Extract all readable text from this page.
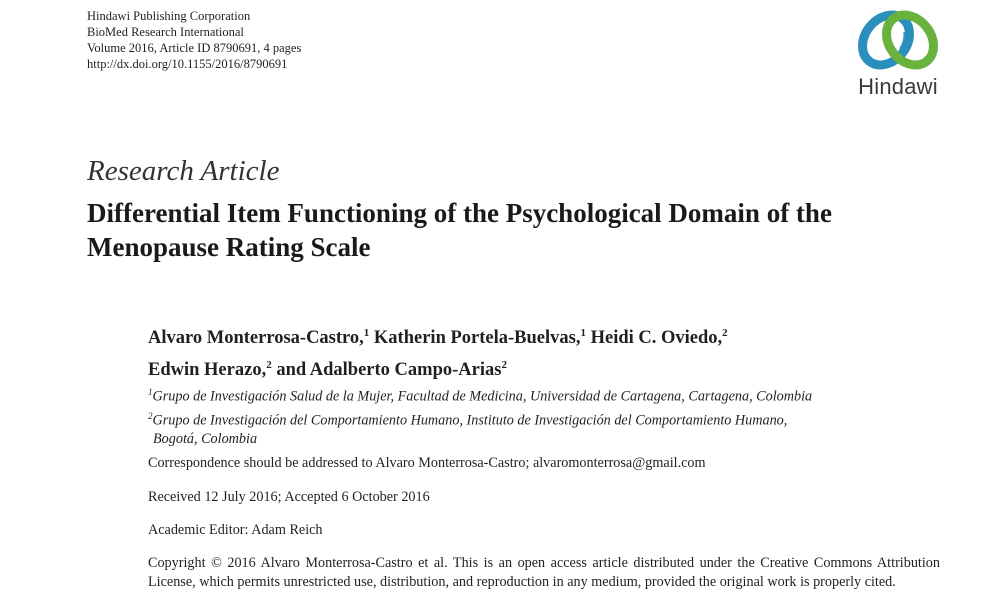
Hindawi Publishing Corporation
BioMed Research International
Volume 2016, Article ID 8790691, 4 pages
http://dx.doi.org/10.1155/2016/8790691
Hindawi
Research Article
Differential Item Functioning of the Psychological Domain of the Menopause Rating Scale
Alvaro Monterrosa-Castro,$^1$ Katherin Portela-Buelvas,$^1$ Heidi C. Oviedo,$^2$
Edwin Herazo,$^2$ and Adalberto Campo-Arias$^2$
$^1$Grupo de Investigación Salud de la Mujer, Facultad de Medicina, Universidad de Cartagena, Cartagena, Colombia
$^2$Grupo de Investigación del Comportamiento Humano, Instituto de Investigación del Comportamiento Humano,
Bogotá, Colombia
Correspondence should be addressed to Alvaro Monterrosa-Castro; alvaromonterrosa@gmail.com
Received 12 July 2016; Accepted 6 October 2016
Academic Editor: Adam Reich
Copyright © 2016 Alvaro Monterrosa-Castro et al. This is an open access article distributed under the Creative Commons Attribution License, which permits unrestricted use, distribution, and reproduction in any medium, provided the original work is properly cited.
